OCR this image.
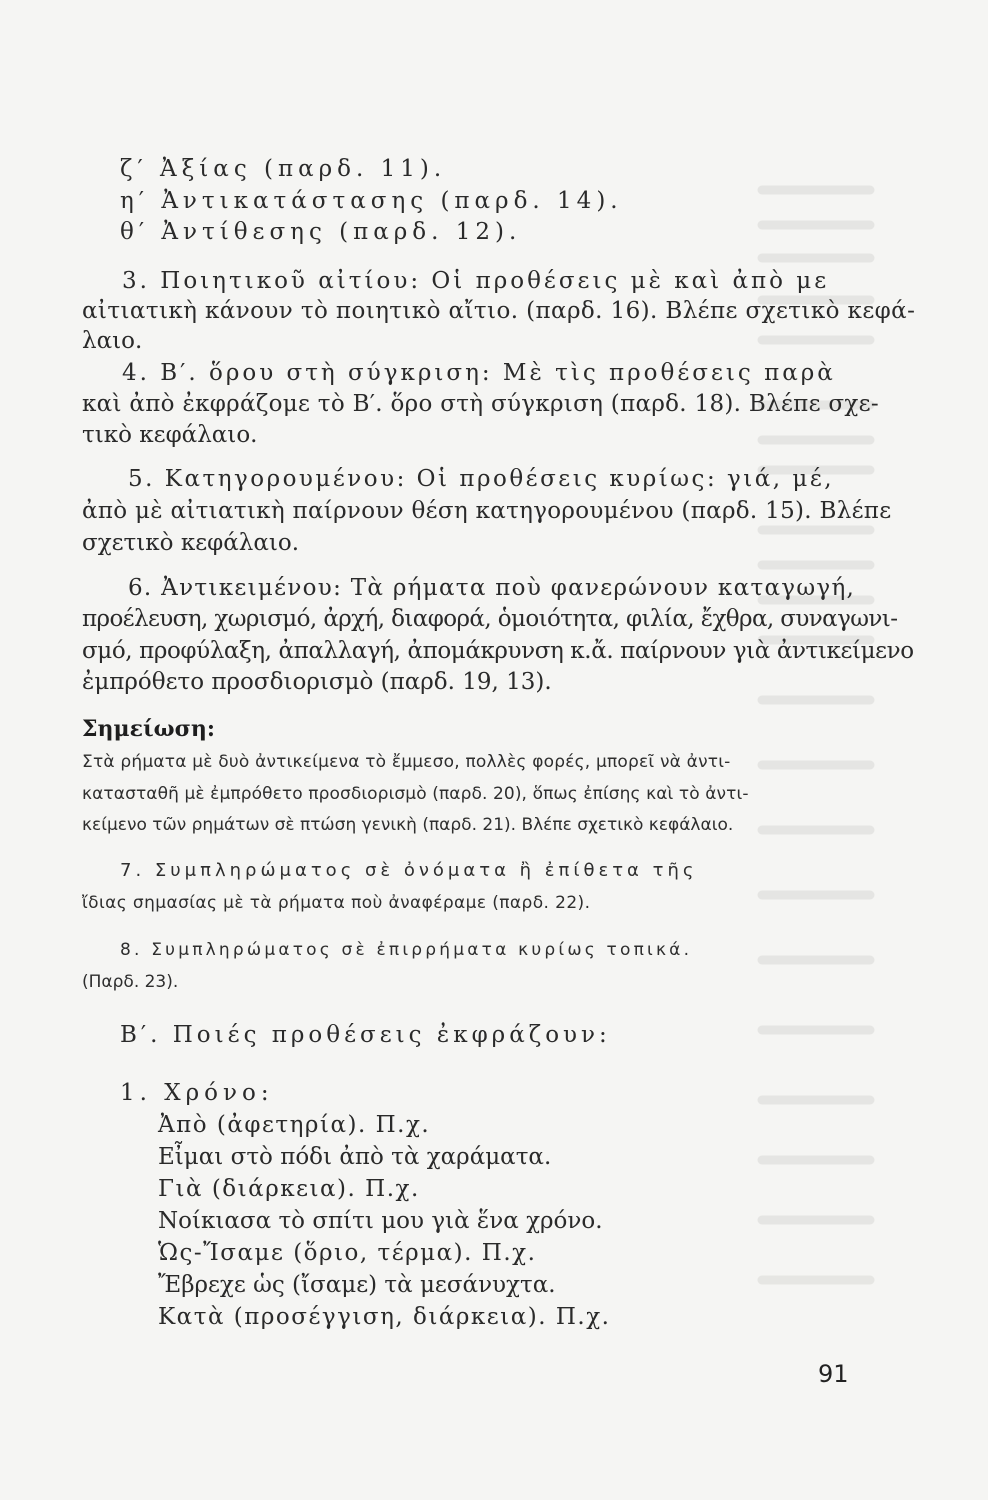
ζ′ Ἀξίας (παρδ. 11).
η′ Ἀντικατάστασης (παρδ. 14).
θ′ Ἀντίθεσης (παρδ. 12).
3. Ποιητικοῦ αἰτίου: Οἱ προθέσεις μὲ καὶ ἀπὸ με
αἰτιατικὴ κάνουν τὸ ποιητικὸ αἴτιο. (παρδ. 16). Βλέπε σχετικὸ κεφά-
λαιο.
4. Β′. ὅρου στὴ σύγκριση: Μὲ τὶς προθέσεις παρὰ
καὶ ἀπὸ ἐκφράζομε τὸ Β′. ὅρο στὴ σύγκριση (παρδ. 18). Βλέπε σχε-
τικὸ κεφάλαιο.
5. Κατηγορουμένου: Οἱ προθέσεις κυρίως: γιά, μέ,
ἀπὸ μὲ αἰτιατικὴ παίρνουν θέση κατηγορουμένου (παρδ. 15). Βλέπε
σχετικὸ κεφάλαιο.
6. Ἀντικειμένου: Τὰ ρήματα ποὺ φανερώνουν καταγωγή,
προέλευση, χωρισμό, ἀρχή, διαφορά, ὁμοιότητα, φιλία, ἔχθρα, συναγωνι-
σμό, προφύλαξη, ἀπαλλαγή, ἀπομάκρυνση κ.ἄ. παίρνουν γιὰ ἀντικείμενο
ἐμπρόθετο προσδιορισμὸ (παρδ. 19, 13).
Σημείωση:
Στὰ ρήματα μὲ δυὸ ἀντικείμενα τὸ ἔμμεσο, πολλὲς φορές, μπορεῖ νὰ ἀντι-
κατασταθῆ μὲ ἐμπρόθετο προσδιορισμὸ (παρδ. 20), ὅπως ἐπίσης καὶ τὸ ἀντι-
κείμενο τῶν ρημάτων σὲ πτώση γενικὴ (παρδ. 21). Βλέπε σχετικὸ κεφάλαιο.
7. Συμπληρώματος σὲ ὀνόματα ἢ ἐπίθετα τῆς
ἴδιας σημασίας μὲ τὰ ρήματα ποὺ ἀναφέραμε (παρδ. 22).
8. Συμπληρώματος σὲ ἐπιρρήματα κυρίως τοπικά.
(Παρδ. 23).
Β′. Ποιές προθέσεις ἐκφράζουν:
1. Χρόνο:
Ἀπὸ (ἀφετηρία). Π.χ.
Εἶμαι στὸ πόδι ἀπὸ τὰ χαράματα.
Γιὰ (διάρκεια). Π.χ.
Νοίκιασα τὸ σπίτι μου γιὰ ἕνα χρόνο.
Ὡς-Ἴσαμε (ὅριο, τέρμα). Π.χ.
Ἔβρεχε ὡς (ἴσαμε) τὰ μεσάνυχτα.
Κατὰ (προσέγγιση, διάρκεια). Π.χ.
91
